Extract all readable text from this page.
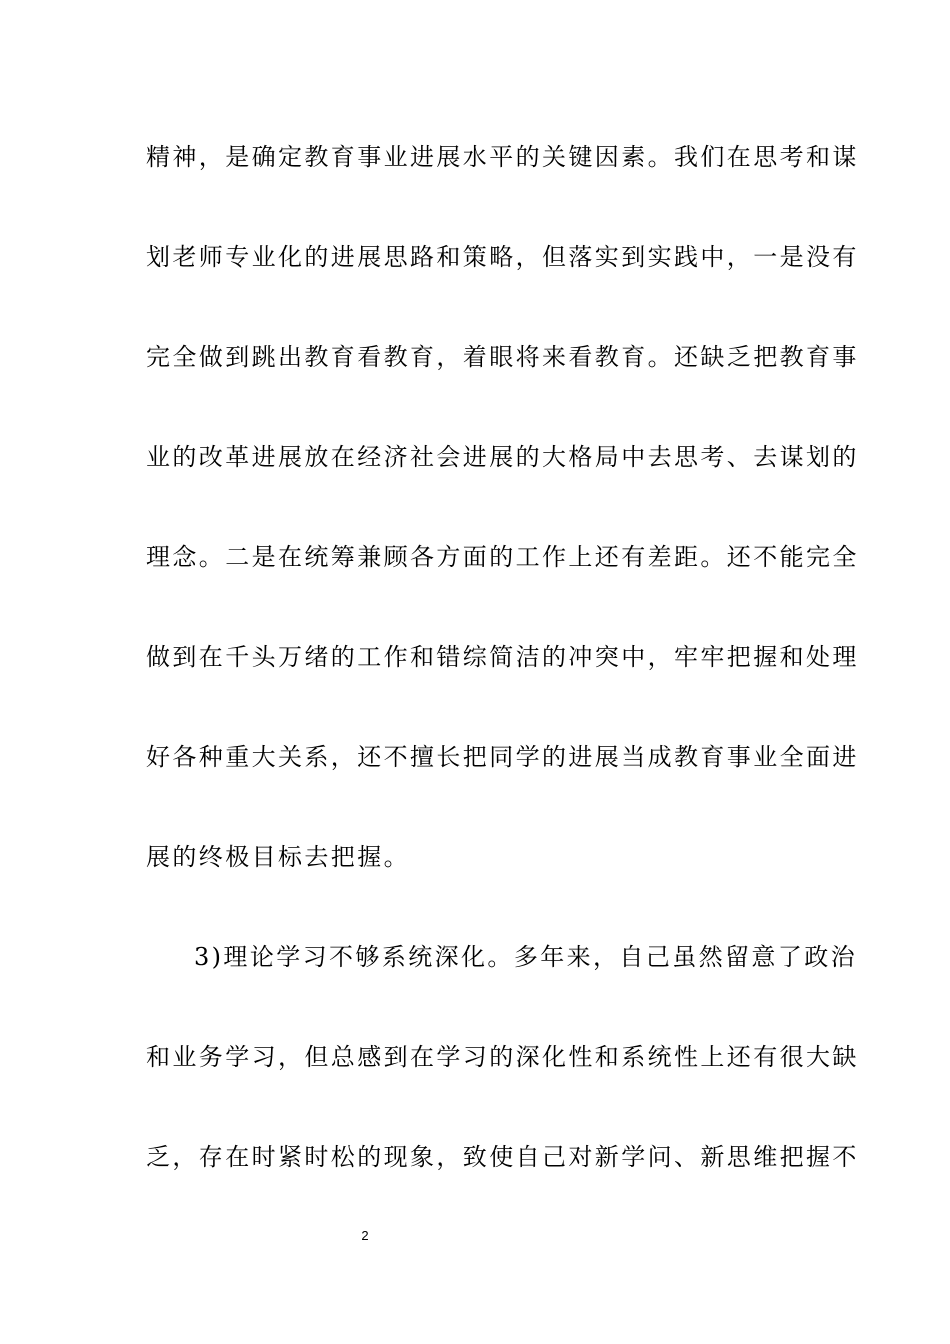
精神，是确定教育事业进展水平的关键因素。我们在思考和谋
划老师专业化的进展思路和策略，但落实到实践中，一是没有
完全做到跳出教育看教育，着眼将来看教育。还缺乏把教育事
业的改革进展放在经济社会进展的大格局中去思考、去谋划的
理念。二是在统筹兼顾各方面的工作上还有差距。还不能完全
做到在千头万绪的工作和错综简洁的冲突中，牢牢把握和处理
好各种重大关系，还不擅长把同学的进展当成教育事业全面进
展的终极目标去把握。
3)理论学习不够系统深化。多年来，自己虽然留意了政治
和业务学习，但总感到在学习的深化性和系统性上还有很大缺
乏，存在时紧时松的现象，致使自己对新学问、新思维把握不
2
